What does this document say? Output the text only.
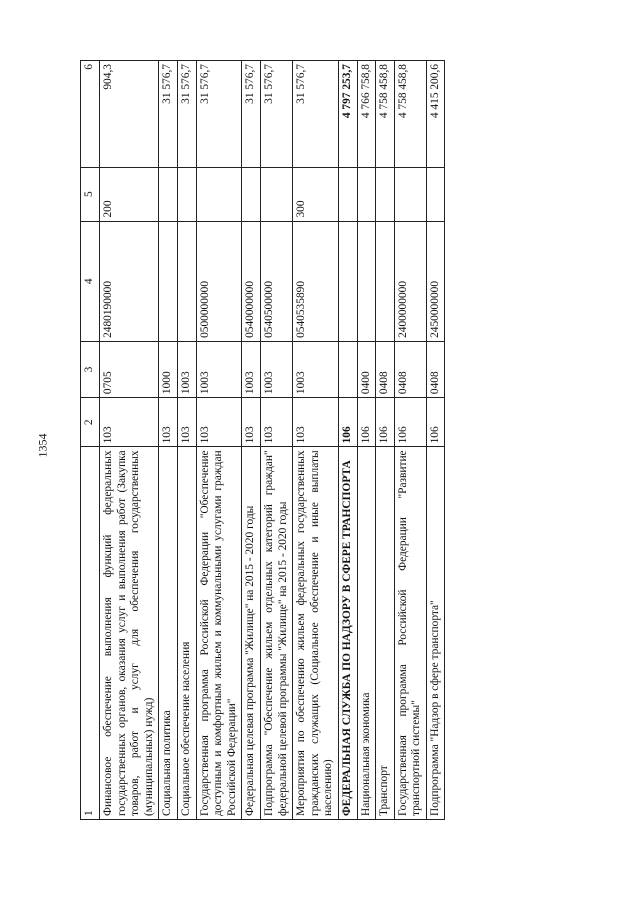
1354
1	2	3	4	5	6
Финансовое обеспечение выполнения функций федеральных государственных органов, оказания услуг и выполнения работ (Закупка товаров, работ и услуг для обеспечения государственных (муниципальных) нужд)	103	0705	2480190000	200	904,3
Социальная политика	103	1000			31 576,7
Социальное обеспечение населения	103	1003			31 576,7
Государственная программа Российской Федерации "Обеспечение доступным и комфортным жильем и коммунальными услугами граждан Российской Федерации"	103	1003	0500000000		31 576,7
Федеральная целевая программа "Жилище" на 2015 - 2020 годы	103	1003	0540000000		31 576,7
Подпрограмма "Обеспечение жильем отдельных категорий граждан" федеральной целевой программы "Жилище" на 2015 - 2020 годы	103	1003	0540500000		31 576,7
Мероприятия по обеспечению жильем федеральных государственных гражданских служащих (Социальное обеспечение и иные выплаты населению)	103	1003	0540535890	300	31 576,7
ФЕДЕРАЛЬНАЯ СЛУЖБА ПО НАДЗОРУ В СФЕРЕ ТРАНСПОРТА	106				4 797 253,7
Национальная экономика	106	0400			4 766 758,8
Транспорт	106	0408			4 758 458,8
Государственная программа Российской Федерации "Развитие транспортной системы"	106	0408	2400000000		4 758 458,8
Подпрограмма "Надзор в сфере транспорта"	106	0408	2450000000		4 415 200,6
